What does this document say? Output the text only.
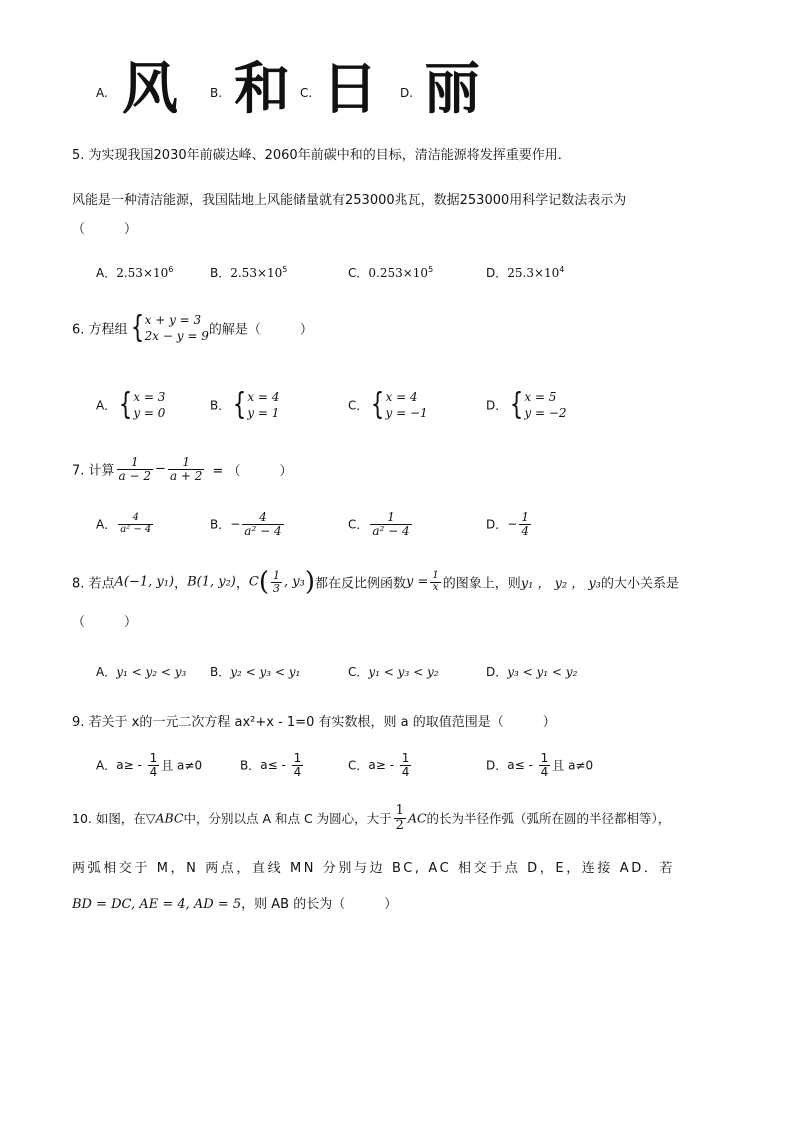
A. 风	B. 和 C. 日 D. 丽
5. 为实现我国2030年前碳达峰、2060年前碳中和的目标，清洁能源将发挥重要作用．
风能是一种清洁能源，我国陆地上风能储量就有253000兆瓦，数据253000用科学记数法表示为
（　　　）
A．$2.53\times 10^6$	B．$2.53\times 10^5$	C．$0.253\times 10^5$	D．$25.3\times 10^4$
6. 方程组{ x + y = 3
2x − y = 9 的解是（　　　）
A．{ x = 3
y = 0
B．{ x = 4
y = 1
C．{ x = 4
y = −1
D．{ x = 5
y = −2
7. 计算 $\frac{1}{a - 2} - \frac{1}{a + 2}$ = （　　　）
A． $\frac{4}{\text{a² − 4}}$	B．− $\frac{4}{\text{a² − 4}}$	C． $\frac{1}{\text{a² − 4}}$	D．− $\frac{1}{4}$
8. 若点A(−1, y₁)，B(1, y₂)，$C( \frac{1}{3}$ , y₃)都在反比例函数$y = \frac{1}{x}$ 的图象上，则y₁ ， y₂ ， y₃的大小关系是
（　　　）
A．y₁ < y₂ < y₃ B．y₂ < y₃ < y₁	C．y₁ < y₃ < y₂	D．y₃ < y₁ < y₂
9. 若关于 x的一元二次方程 ax²+x - 1=0 有实数根，则 a 的取值范围是（　　　）
A．$a\ge - \frac{1}{4}$ 且 a≠0	B．$a\le - \frac{1}{4}$	C．$a\ge - \frac{1}{4}$	D．$a\le - \frac{1}{4}$ 且 a≠0
10. 如图，在▽ABC中，分别以点 A 和点 C 为圆心，大于 $\frac{1}{2}$ AC的长为半径作弧（弧所在圆的半径都相等），
两弧相交于 M，N 两点，直线 MN 分别与边 BC, AC 相交于点 D，E，连接 AD．若
BD = DC, AE = 4, AD = 5，则 AB 的长为（　　　）
